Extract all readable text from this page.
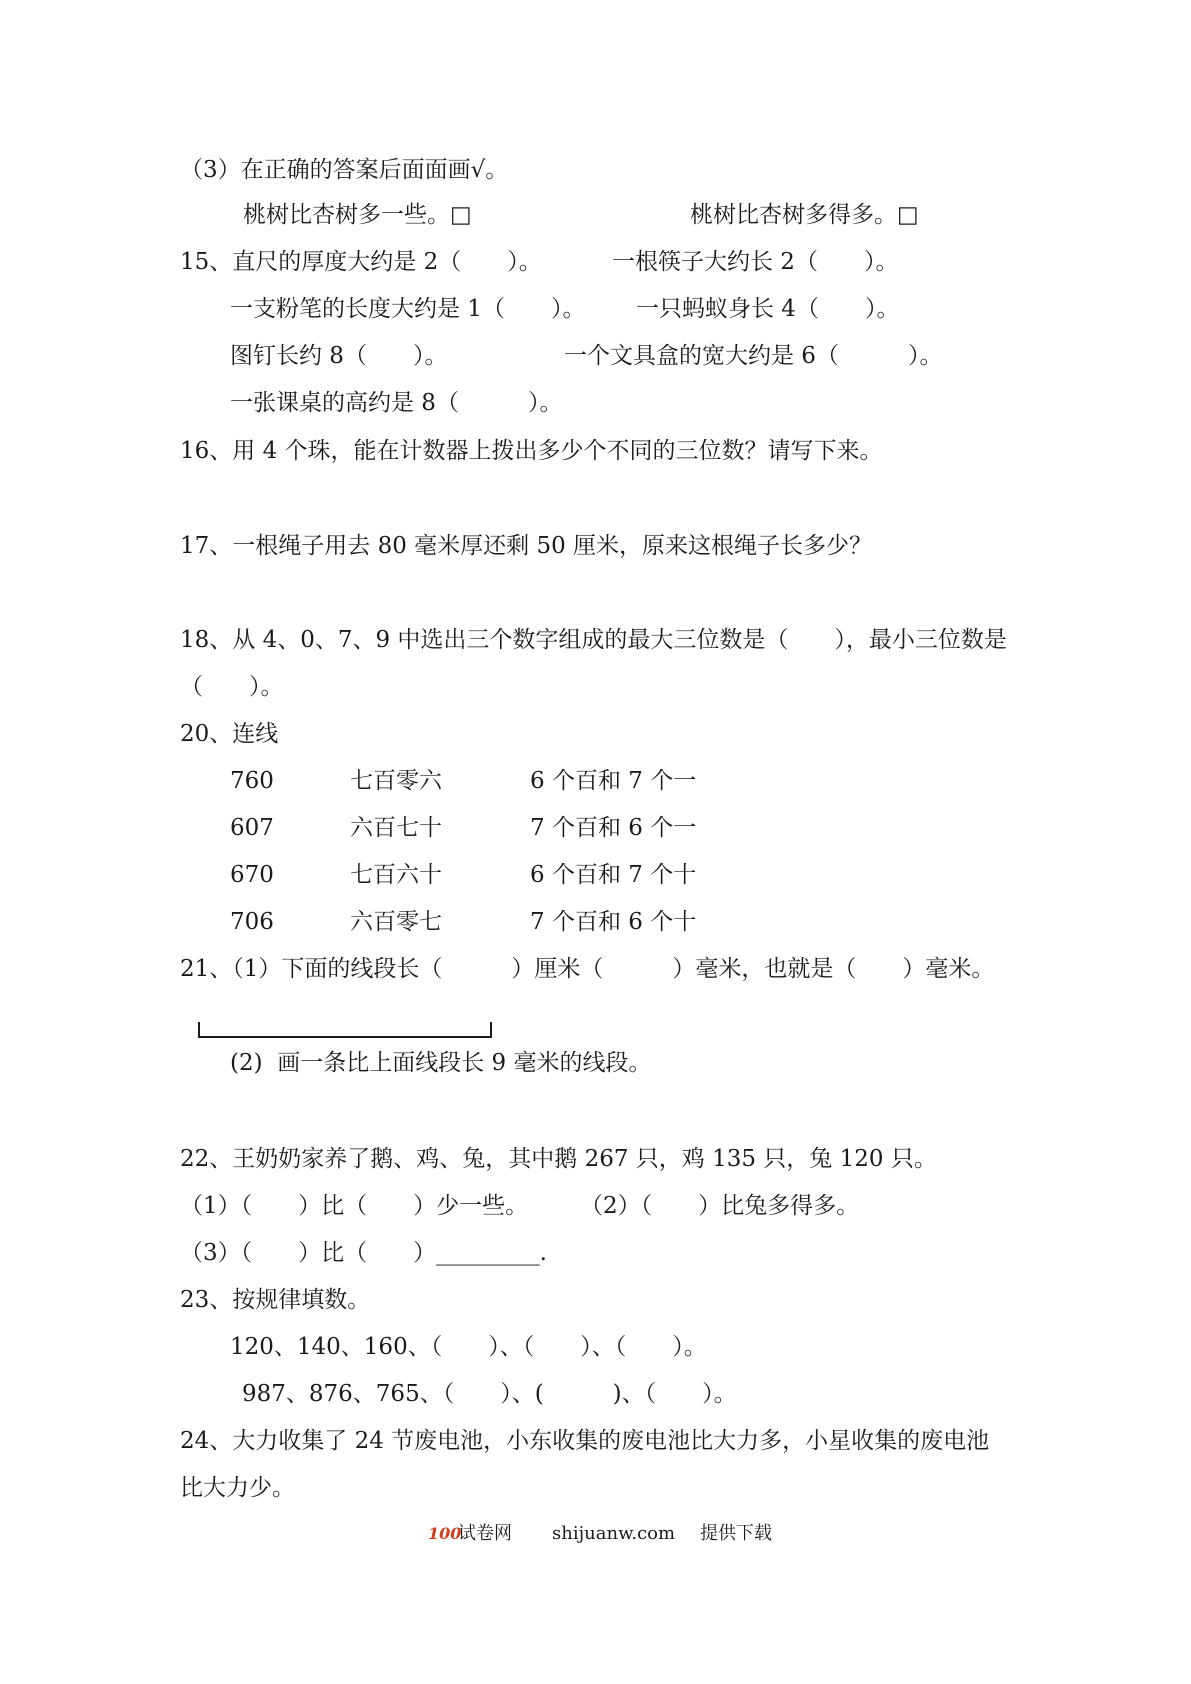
（3）在正确的答案后面面画√。
桃树比杏树多一些。□	桃树比杏树多得多。□
15、直尺的厚度大约是 2（　　）。	一根筷子大约长 2（　　）。
一支粉笔的长度大约是 1（　　）。 一只蚂蚁身长 4（　　）。
图钉长约 8（　　）。	一个文具盒的宽大约是 6（　　　）。
一张课桌的高约是 8（　　　）。
16、用 4 个珠，能在计数器上拨出多少个不同的三位数？请写下来。
17、一根绳子用去 80 毫米厚还剩 50 厘米，原来这根绳子长多少？
18、从 4、0、7、9 中选出三个数字组成的最大三位数是（　　），最小三位数是
（　　）。
20、连线
760	七百零六	6 个百和 7 个一
607	六百七十	7 个百和 6 个一
670	七百六十	6 个百和 7 个十
706	六百零七	7 个百和 6 个十
21、（1）下面的线段长（　　　）厘米（　　　）毫米，也就是（　　）毫米。
(2)  画一条比上面线段长 9 毫米的线段。
22、王奶奶家养了鹅、鸡、兔，其中鹅 267 只，鸡 135 只，兔 120 只。
（1）（　　）比（　　）少一些。 （2）（　　）比兔多得多。
（3）（　　）比（　　）_________.
23、按规律填数。
120、140、160、（　　）、（　　）、（　　）。
987、876、765、（　　）、(　　　)、（　　）。
24、大力收集了 24 节废电池，小东收集的废电池比大力多，小星收集的废电池
比大力少。
100
试卷网 shijuanw.com 提供下载
